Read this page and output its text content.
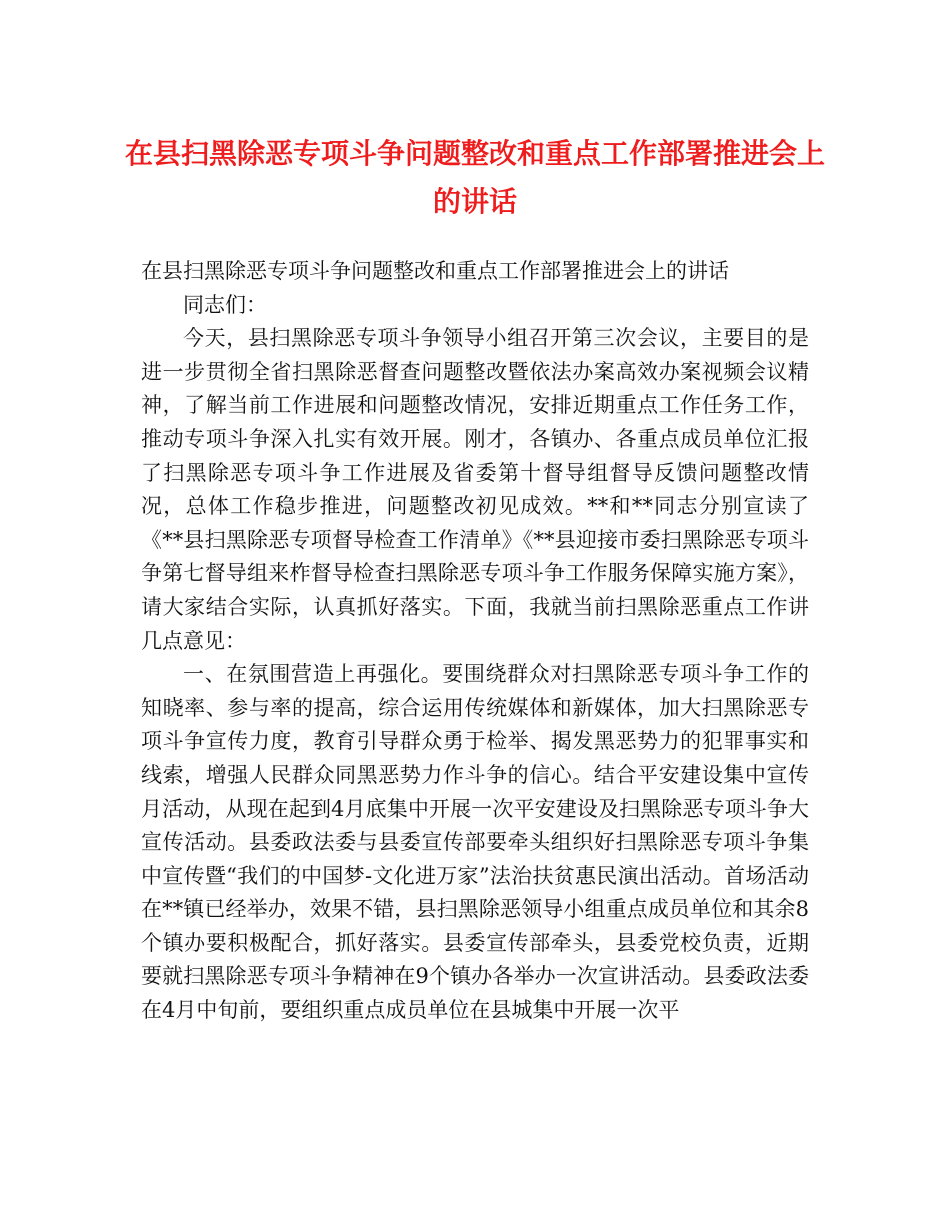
在县扫黑除恶专项斗争问题整改和重点工作部署推进会上的讲话

在县扫黑除恶专项斗争问题整改和重点工作部署推进会上的讲话

同志们：

今天，县扫黑除恶专项斗争领导小组召开第三次会议，主要目的是进一步贯彻全省扫黑除恶督查问题整改暨依法办案高效办案视频会议精神，了解当前工作进展和问题整改情况，安排近期重点工作任务工作，推动专项斗争深入扎实有效开展。刚才，各镇办、各重点成员单位汇报了扫黑除恶专项斗争工作进展及省委第十督导组督导反馈问题整改情况，总体工作稳步推进，问题整改初见成效。**和**同志分别宣读了《**县扫黑除恶专项督导检查工作清单》《**县迎接市委扫黑除恶专项斗争第七督导组来柞督导检查扫黑除恶专项斗争工作服务保障实施方案》，请大家结合实际，认真抓好落实。下面，我就当前扫黑除恶重点工作讲几点意见：

一、在氛围营造上再强化。要围绕群众对扫黑除恶专项斗争工作的知晓率、参与率的提高，综合运用传统媒体和新媒体，加大扫黑除恶专项斗争宣传力度，教育引导群众勇于检举、揭发黑恶势力的犯罪事实和线索，增强人民群众同黑恶势力作斗争的信心。结合平安建设集中宣传月活动，从现在起到4月底集中开展一次平安建设及扫黑除恶专项斗争大宣传活动。县委政法委与县委宣传部要牵头组织好扫黑除恶专项斗争集中宣传暨“我们的中国梦-文化进万家”法治扶贫惠民演出活动。首场活动在**镇已经举办，效果不错，县扫黑除恶领导小组重点成员单位和其余8个镇办要积极配合，抓好落实。县委宣传部牵头，县委党校负责，近期要就扫黑除恶专项斗争精神在9个镇办各举办一次宣讲活动。县委政法委在4月中旬前，要组织重点成员单位在县城集中开展一次平
